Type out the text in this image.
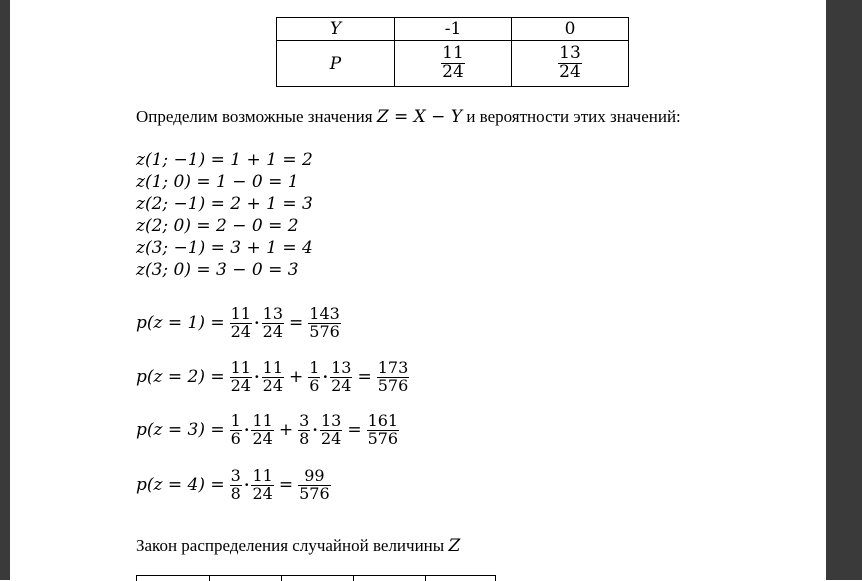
Y	-1	0
P	$\frac{11}{24}$	$\frac{13}{24}$
Определим возможные значения Z = X − Y и вероятности этих значений:
z(1; −1) = 1 + 1 = 2
z(1; 0) = 1 − 0 = 1
z(2; −1) = 2 + 1 = 3
z(2; 0) = 2 − 0 = 2
z(3; −1) = 3 + 1 = 4
z(3; 0) = 3 − 0 = 3
$p(z = 1) = \frac{11}{24} \cdot \frac{13}{24} = \frac{143}{576}$
$p(z = 2) = \frac{11}{24} \cdot \frac{11}{24} + \frac{1}{6} \cdot \frac{13}{24} = \frac{173}{576}$
$p(z = 3) = \frac{1}{6} \cdot \frac{11}{24} + \frac{3}{8} \cdot \frac{13}{24} = \frac{161}{576}$
$p(z = 4) = \frac{3}{8} \cdot \frac{11}{24} = \frac{99}{576}$
Закон распределения случайной величины Z
